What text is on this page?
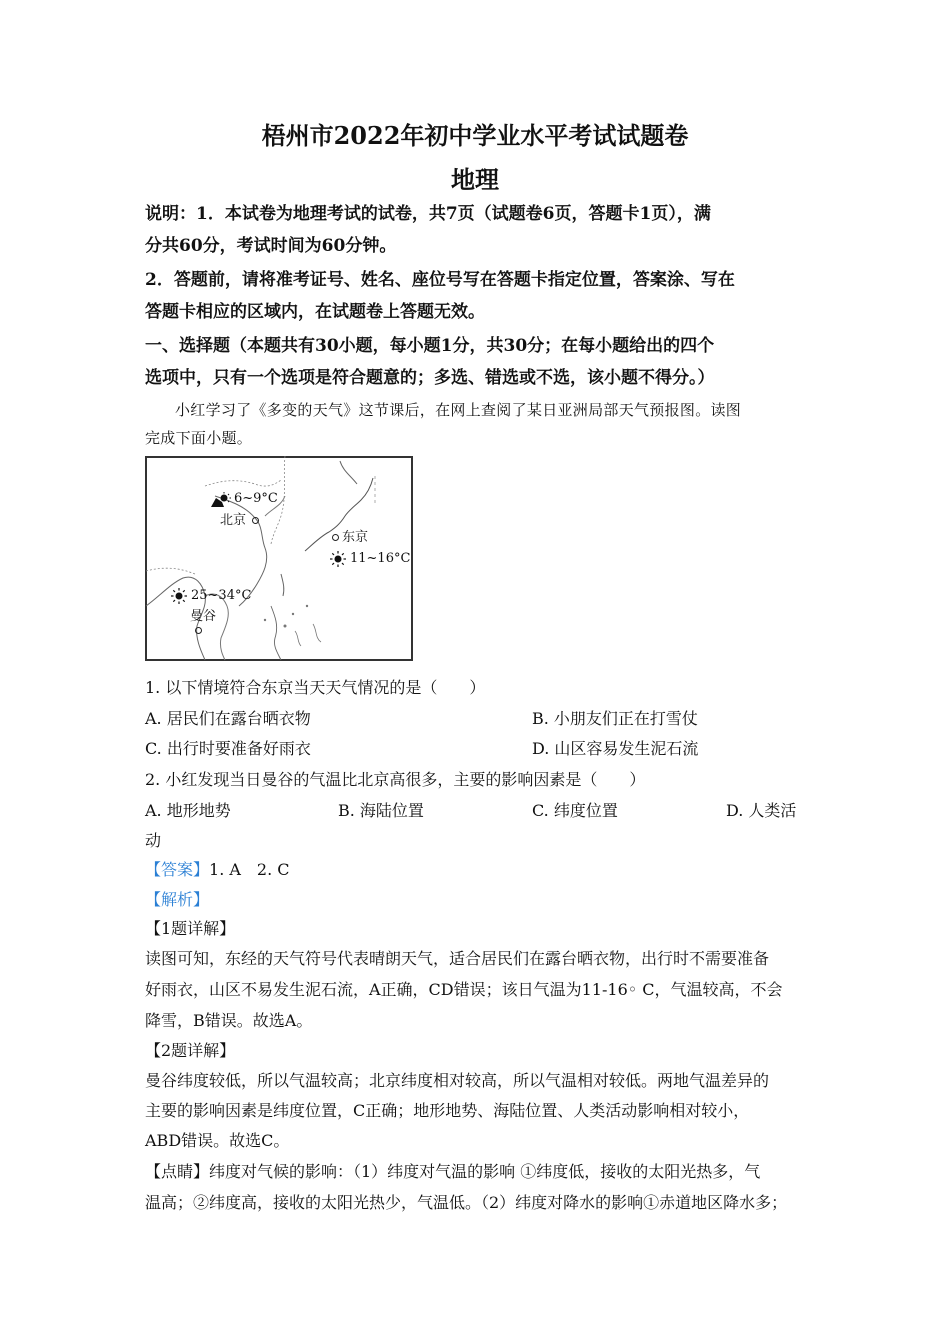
梧州市2022年初中学业水平考试试题卷
地理
说明：1．本试卷为地理考试的试卷，共7页（试题卷6页，答题卡1页），满
分共60分，考试时间为60分钟。
2．答题前，请将准考证号、姓名、座位号写在答题卡指定位置，答案涂、写在
答题卡相应的区域内，在试题卷上答题无效。
一、选择题（本题共有30小题，每小题1分，共30分；在每小题给出的四个
选项中，只有一个选项是符合题意的；多选、错选或不选，该小题不得分。）
小红学习了《多变的天气》这节课后，在网上查阅了某日亚洲局部天气预报图。读图
完成下面小题。
6~9°C
北京
东京
11~16°C
25~34°C
曼谷
1. 以下情境符合东京当天天气情况的是（　　）
A. 居民们在露台晒衣物	B. 小朋友们正在打雪仗
C. 出行时要准备好雨衣	D. 山区容易发生泥石流
2. 小红发现当日曼谷的气温比北京高很多，主要的影响因素是（　　）
A. 地形地势	B. 海陆位置	C. 纬度位置	D. 人类活
动
【答案】1. A　2. C
【解析】
【1题详解】
读图可知，东经的天气符号代表晴朗天气，适合居民们在露台晒衣物，出行时不需要准备
好雨衣，山区不易发生泥石流，A正确，CD错误；该日气温为11-16◦ C，气温较高，不会
降雪，B错误。故选A。
【2题详解】
曼谷纬度较低，所以气温较高；北京纬度相对较高，所以气温相对较低。两地气温差异的
主要的影响因素是纬度位置，C正确；地形地势、海陆位置、人类活动影响相对较小，
ABD错误。故选C。
【点睛】纬度对气候的影响：（1）纬度对气温的影响 ①纬度低，接收的太阳光热多，气
温高；②纬度高，接收的太阳光热少，气温低。（2）纬度对降水的影响①赤道地区降水多；
